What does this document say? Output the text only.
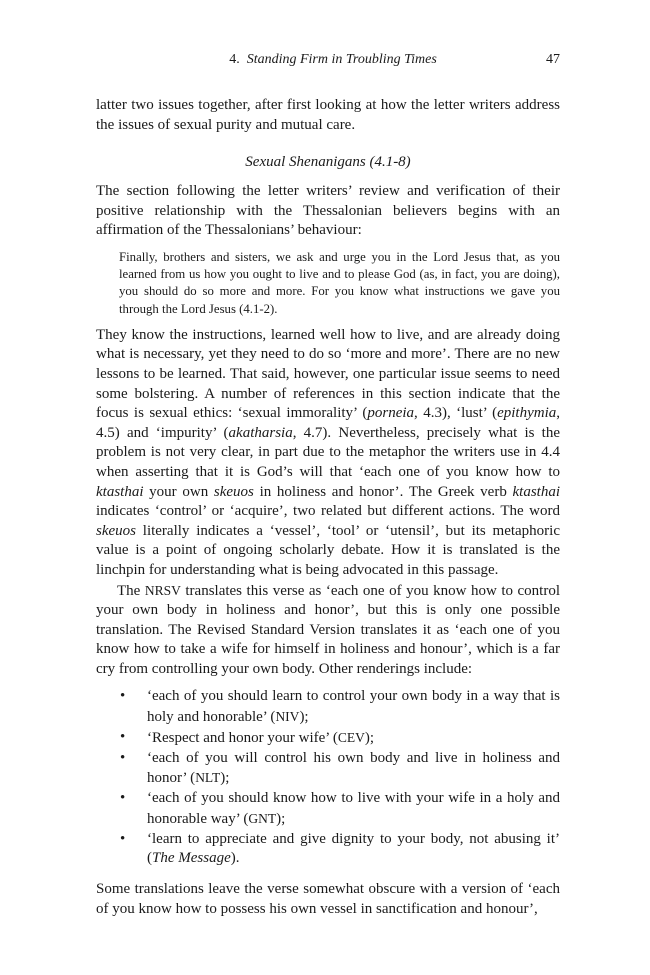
4. Standing Firm in Troubling Times	47

latter two issues together, after first looking at how the letter writers address the issues of sexual purity and mutual care.

Sexual Shenanigans (4.1-8)

The section following the letter writers’ review and verification of their positive relationship with the Thessalonian believers begins with an affirmation of the Thessalonians’ behaviour:

Finally, brothers and sisters, we ask and urge you in the Lord Jesus that, as you learned from us how you ought to live and to please God (as, in fact, you are doing), you should do so more and more. For you know what instructions we gave you through the Lord Jesus (4.1-2).

They know the instructions, learned well how to live, and are already doing what is necessary, yet they need to do so ‘more and more’. There are no new lessons to be learned. That said, however, one particular issue seems to need some bolstering. A number of references in this section indicate that the focus is sexual ethics: ‘sexual immorality’ (porneia, 4.3), ‘lust’ (epithymia, 4.5) and ‘impurity’ (akatharsia, 4.7). Nevertheless, precisely what is the problem is not very clear, in part due to the metaphor the writers use in 4.4 when asserting that it is God’s will that ‘each one of you know how to ktasthai your own skeuos in holiness and honor’. The Greek verb ktasthai indicates ‘control’ or ‘acquire’, two related but different actions. The word skeuos literally indicates a ‘vessel’, ‘tool’ or ‘utensil’, but its metaphoric value is a point of ongoing scholarly debate. How it is translated is the linchpin for understanding what is being advocated in this passage.

The NRSV translates this verse as ‘each one of you know how to control your own body in holiness and honor’, but this is only one possible translation. The Revised Standard Version translates it as ‘each one of you know how to take a wife for himself in holiness and honour’, which is a far cry from controlling your own body. Other renderings include:

• ‘each of you should learn to control your own body in a way that is holy and honorable’ (NIV);
• ‘Respect and honor your wife’ (CEV);
• ‘each of you will control his own body and live in holiness and honor’ (NLT);
• ‘each of you should know how to live with your wife in a holy and honorable way’ (GNT);
• ‘learn to appreciate and give dignity to your body, not abusing it’ (The Message).

Some translations leave the verse somewhat obscure with a version of ‘each of you know how to possess his own vessel in sanctification and honour’,
